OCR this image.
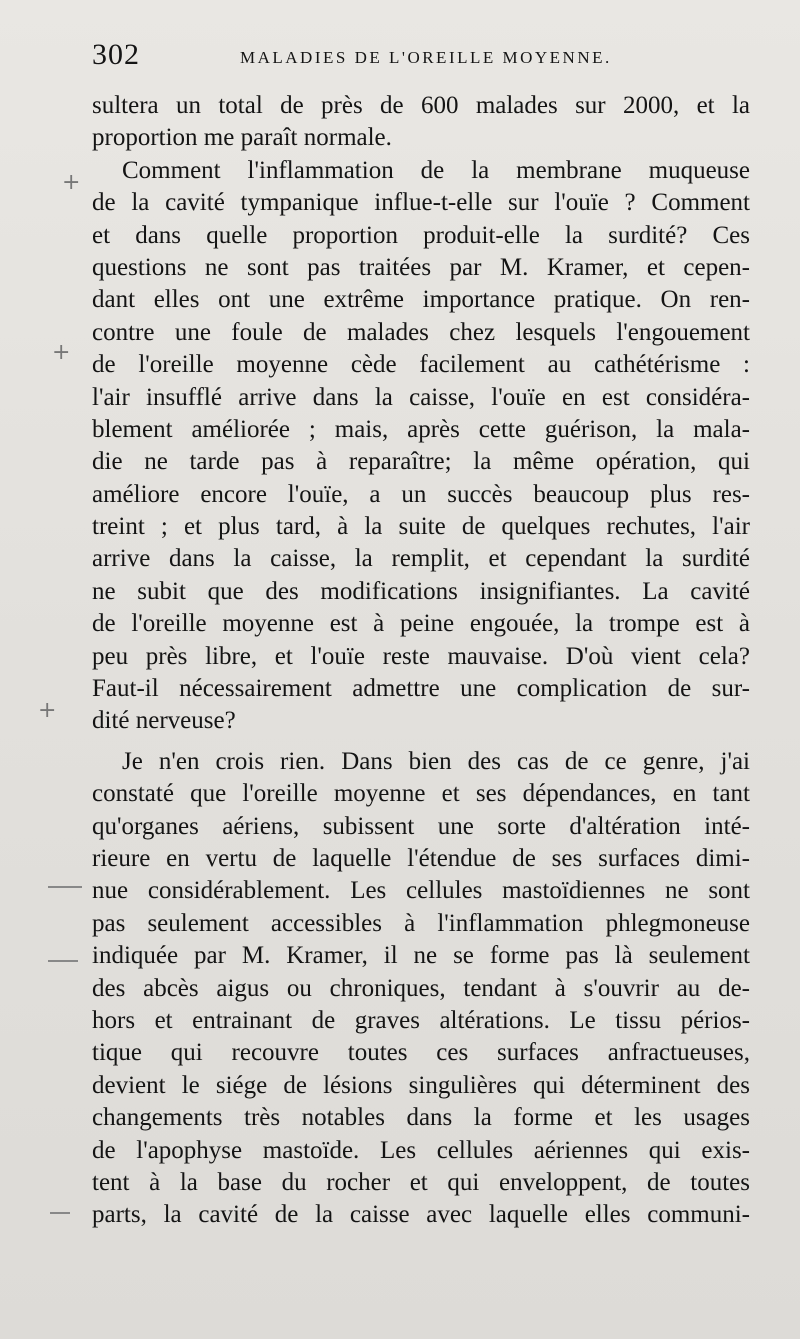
302	MALADIES DE L'OREILLE MOYENNE.
sultera un total de près de 600 malades sur 2000, et la
proportion me paraît normale.
Comment l'inflammation de la membrane muqueuse
de la cavité tympanique influe-t-elle sur l'ouïe ? Comment
et dans quelle proportion produit-elle la surdité? Ces
questions ne sont pas traitées par M. Kramer, et cepen-
dant elles ont une extrême importance pratique. On ren-
contre une foule de malades chez lesquels l'engouement
de l'oreille moyenne cède facilement au cathétérisme :
l'air insufflé arrive dans la caisse, l'ouïe en est considéra-
blement améliorée ; mais, après cette guérison, la mala-
die ne tarde pas à reparaître; la même opération, qui
améliore encore l'ouïe, a un succès beaucoup plus res-
treint ; et plus tard, à la suite de quelques rechutes, l'air
arrive dans la caisse, la remplit, et cependant la surdité
ne subit que des modifications insignifiantes. La cavité
de l'oreille moyenne est à peine engouée, la trompe est à
peu près libre, et l'ouïe reste mauvaise. D'où vient cela?
Faut-il nécessairement admettre une complication de sur-
dité nerveuse?
Je n'en crois rien. Dans bien des cas de ce genre, j'ai
constaté que l'oreille moyenne et ses dépendances, en tant
qu'organes aériens, subissent une sorte d'altération inté-
rieure en vertu de laquelle l'étendue de ses surfaces dimi-
nue considérablement. Les cellules mastoïdiennes ne sont
pas seulement accessibles à l'inflammation phlegmoneuse
indiquée par M. Kramer, il ne se forme pas là seulement
des abcès aigus ou chroniques, tendant à s'ouvrir au de-
hors et entrainant de graves altérations. Le tissu périos-
tique qui recouvre toutes ces surfaces anfractueuses,
devient le siége de lésions singulières qui déterminent des
changements très notables dans la forme et les usages
de l'apophyse mastoïde. Les cellules aériennes qui exis-
tent à la base du rocher et qui enveloppent, de toutes
parts, la cavité de la caisse avec laquelle elles communi-
+
+
+
